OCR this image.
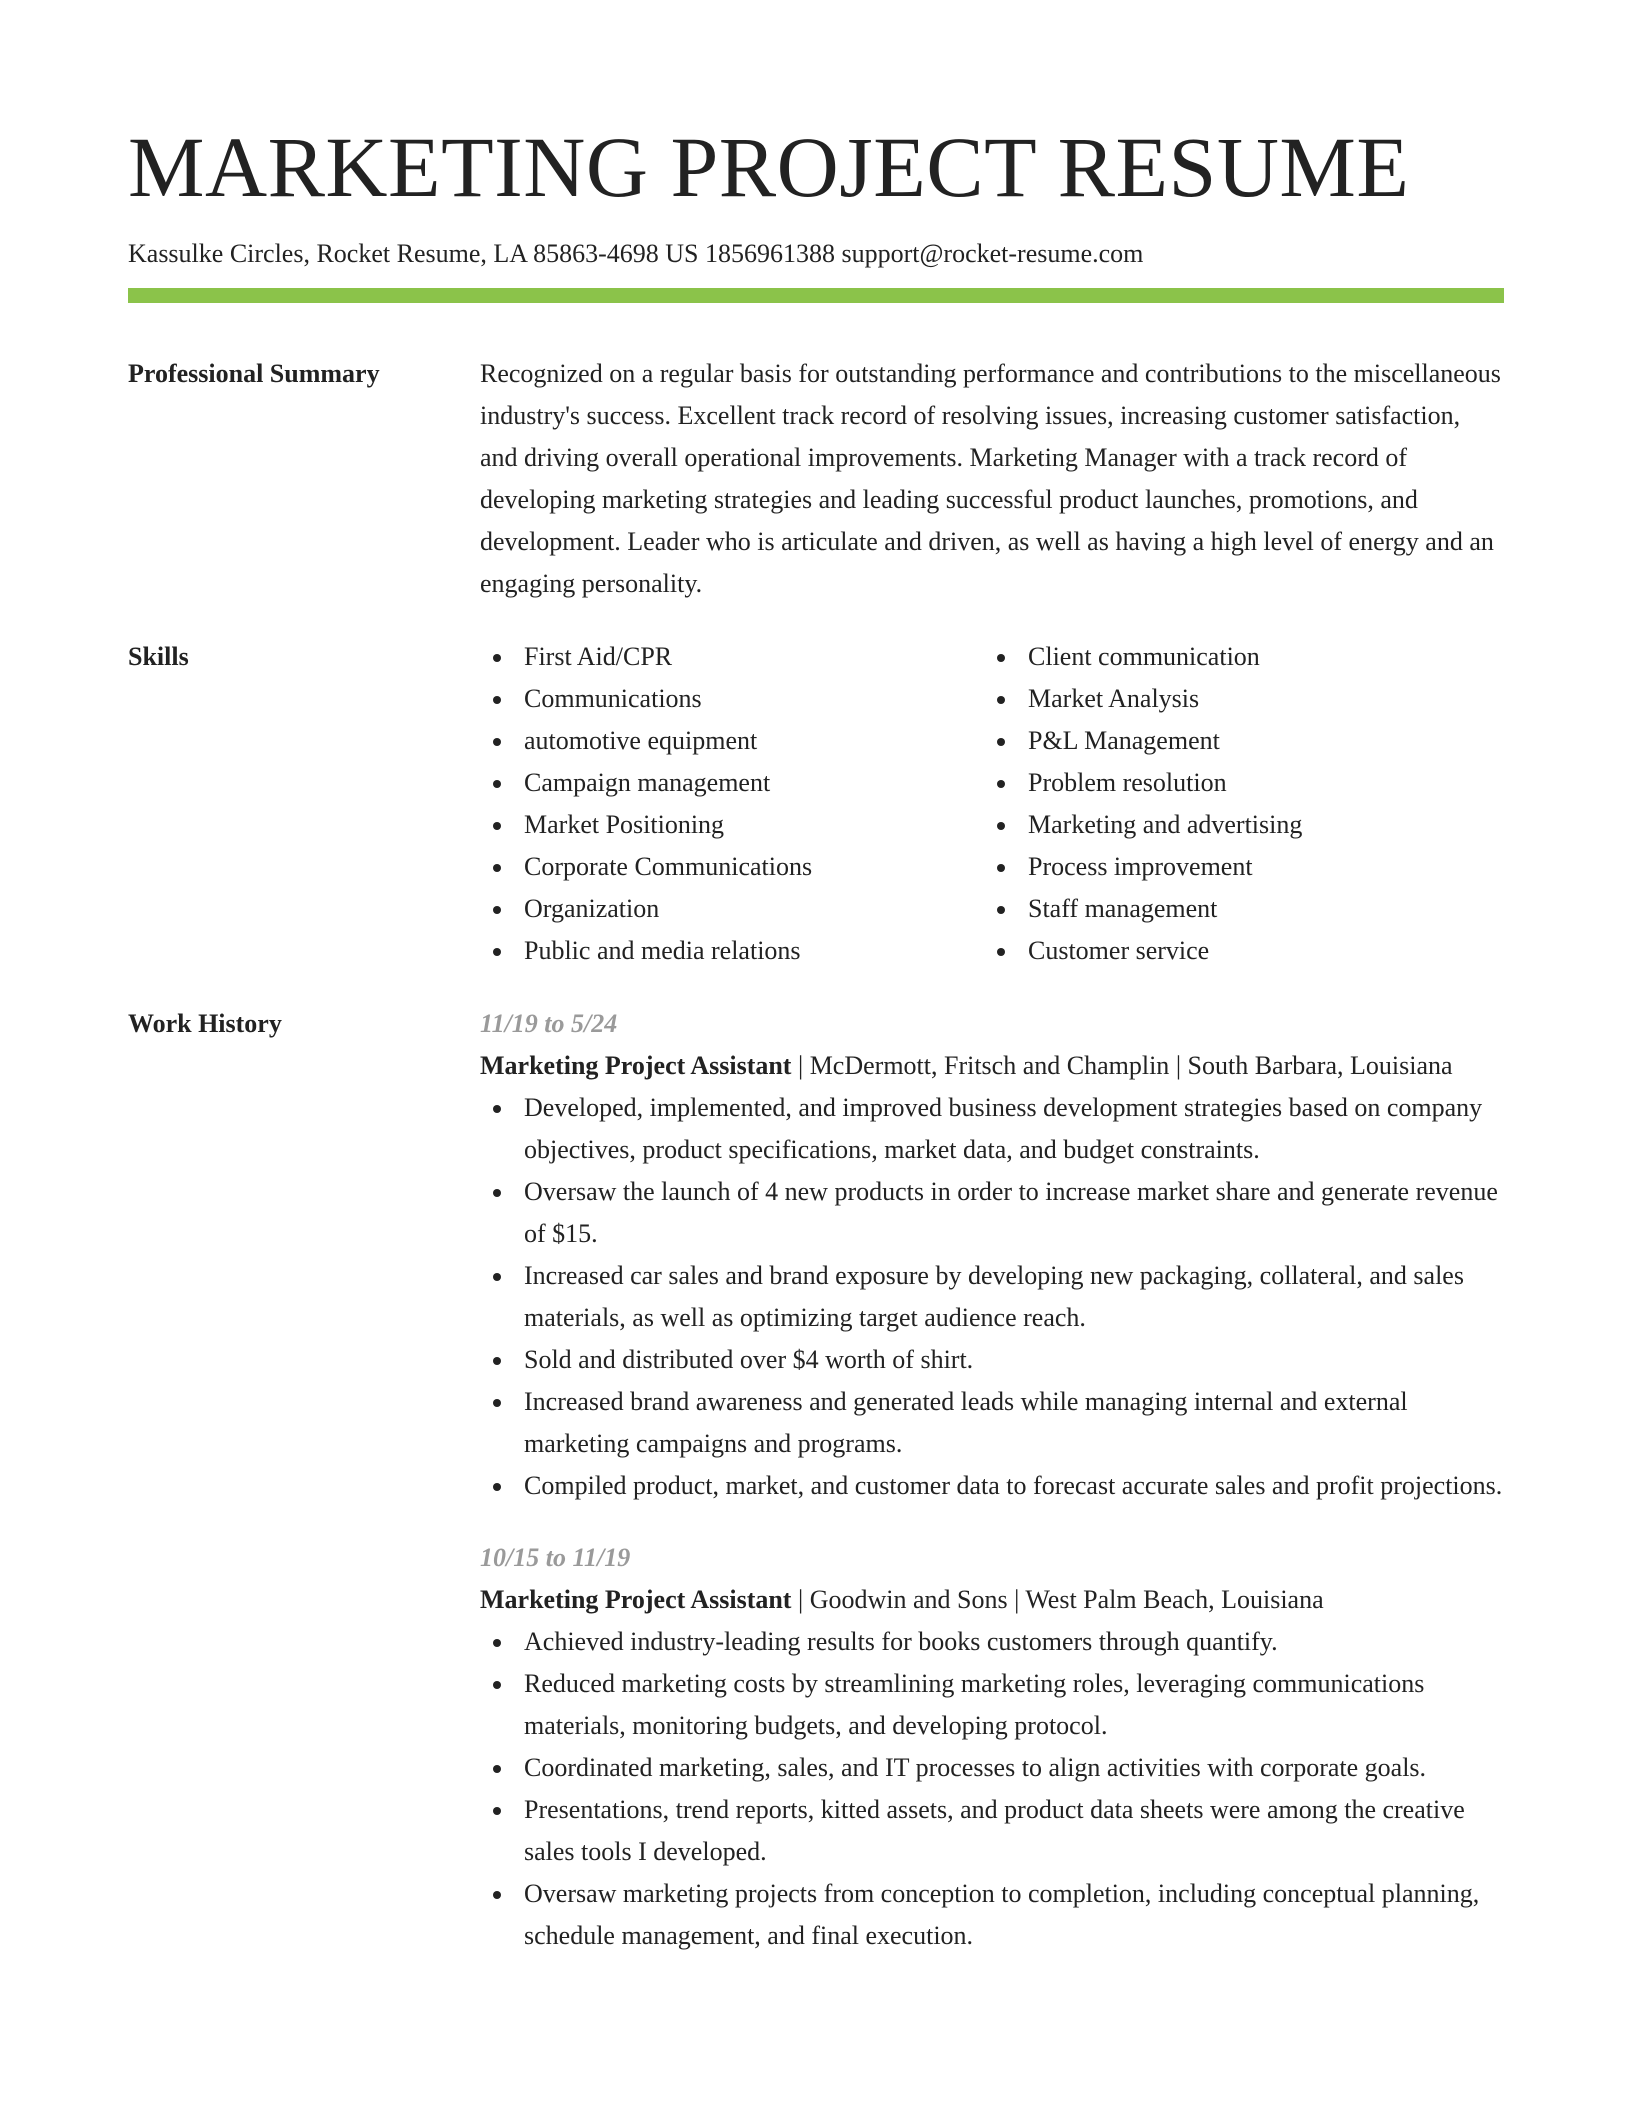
MARKETING PROJECT RESUME
Kassulke Circles, Rocket Resume, LA 85863-4698 US 1856961388 support@rocket-resume.com
Professional Summary	Recognized on a regular basis for outstanding performance and contributions to the miscellaneous industry's success. Excellent track record of resolving issues, increasing customer satisfaction, and driving overall operational improvements. Marketing Manager with a track record of developing marketing strategies and leading successful product launches, promotions, and development. Leader who is articulate and driven, as well as having a high level of energy and an engaging personality.

Skills	First Aid/CPR
Communications
automotive equipment
Campaign management
Market Positioning
Corporate Communications
Organization
Public and media relations
Client communication
Market Analysis
P&L Management
Problem resolution
Marketing and advertising
Process improvement
Staff management
Customer service
Work History	11/19 to 5/24
Marketing Project Assistant | McDermott, Fritsch and Champlin | South Barbara, Louisiana
Developed, implemented, and improved business development strategies based on company objectives, product specifications, market data, and budget constraints.
Oversaw the launch of 4 new products in order to increase market share and generate revenue of $15.
Increased car sales and brand exposure by developing new packaging, collateral, and sales materials, as well as optimizing target audience reach.
Sold and distributed over $4 worth of shirt.
Increased brand awareness and generated leads while managing internal and external marketing campaigns and programs.
Compiled product, market, and customer data to forecast accurate sales and profit projections.
10/15 to 11/19
Marketing Project Assistant | Goodwin and Sons | West Palm Beach, Louisiana
Achieved industry-leading results for books customers through quantify.
Reduced marketing costs by streamlining marketing roles, leveraging communications materials, monitoring budgets, and developing protocol.
Coordinated marketing, sales, and IT processes to align activities with corporate goals.
Presentations, trend reports, kitted assets, and product data sheets were among the creative sales tools I developed.
Oversaw marketing projects from conception to completion, including conceptual planning, schedule management, and final execution.
